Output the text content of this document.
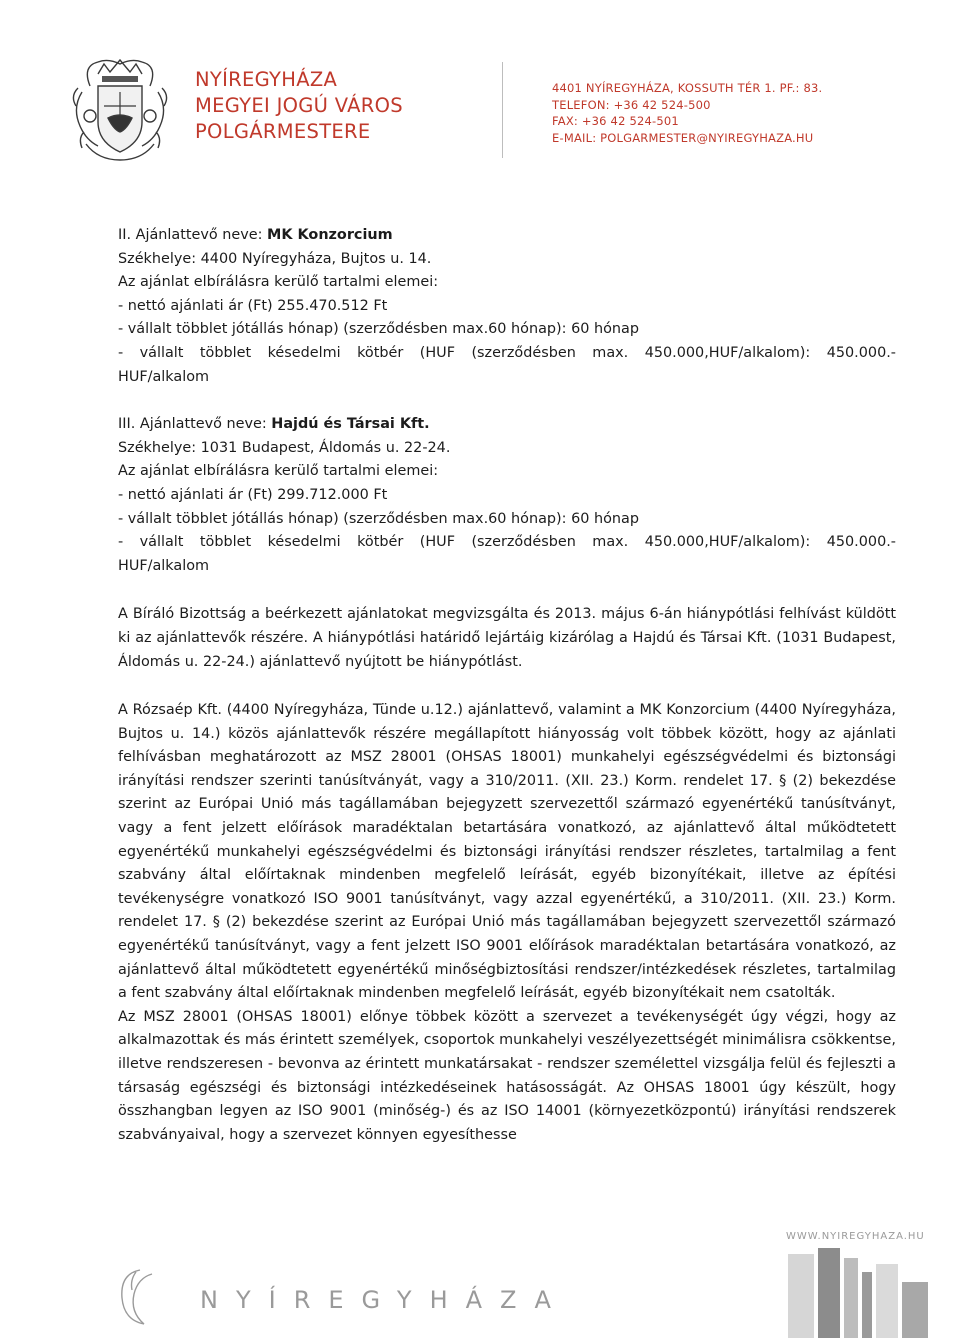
NYÍREGYHÁZA
MEGYEI JOGÚ VÁROS
POLGÁRMESTERE
4401 NYÍREGYHÁZA, KOSSUTH TÉR 1. PF.: 83.
TELEFON: +36 42 524-500
FAX: +36 42 524-501
E-MAIL: POLGARMESTER@NYIREGYHAZA.HU

II. Ajánlattevő neve: MK Konzorcium

Székhelye: 4400 Nyíregyháza, Bujtos u. 14.

Az ajánlat elbírálásra kerülő tartalmi elemei:

- nettó ajánlati ár (Ft) 255.470.512 Ft

- vállalt többlet jótállás hónap) (szerződésben max.60 hónap): 60 hónap

- vállalt többlet késedelmi kötbér (HUF (szerződésben max. 450.000,HUF/alkalom): 450.000.-

HUF/alkalom

III. Ajánlattevő neve: Hajdú és Társai Kft.

Székhelye: 1031 Budapest, Áldomás u. 22-24.

Az ajánlat elbírálásra kerülő tartalmi elemei:

- nettó ajánlati ár (Ft) 299.712.000 Ft

- vállalt többlet jótállás hónap) (szerződésben max.60 hónap): 60 hónap

- vállalt többlet késedelmi kötbér (HUF (szerződésben max. 450.000,HUF/alkalom): 450.000.-

HUF/alkalom

A Bíráló Bizottság a beérkezett ajánlatokat megvizsgálta és 2013. május 6-án hiánypótlási felhívást küldött ki az ajánlattevők részére. A hiánypótlási határidő lejártáig kizárólag a Hajdú és Társai Kft. (1031 Budapest, Áldomás u. 22-24.) ajánlattevő nyújtott be hiánypótlást.

A Rózsaép Kft. (4400 Nyíregyháza, Tünde u.12.) ajánlattevő, valamint a MK Konzorcium (4400 Nyíregyháza, Bujtos u. 14.) közös ajánlattevők részére megállapított hiányosság volt többek között, hogy az ajánlati felhívásban meghatározott az MSZ 28001 (OHSAS 18001) munkahelyi egészségvédelmi és biztonsági irányítási rendszer szerinti tanúsítványát, vagy a 310/2011. (XII. 23.) Korm. rendelet 17. § (2) bekezdése szerint az Európai Unió más tagállamában bejegyzett szervezettől származó egyenértékű tanúsítványt, vagy a fent jelzett előírások maradéktalan betartására vonatkozó, az ajánlattevő által működtetett egyenértékű munkahelyi egészségvédelmi és biztonsági irányítási rendszer részletes, tartalmilag a fent szabvány által előírtaknak mindenben megfelelő leírását, egyéb bizonyítékait, illetve az építési tevékenységre vonatkozó ISO 9001 tanúsítványt, vagy azzal egyenértékű, a 310/2011. (XII. 23.) Korm. rendelet 17. § (2) bekezdése szerint az Európai Unió más tagállamában bejegyzett szervezettől származó egyenértékű tanúsítványt, vagy a fent jelzett ISO 9001 előírások maradéktalan betartására vonatkozó, az ajánlattevő által működtetett egyenértékű minőségbiztosítási rendszer/intézkedések részletes, tartalmilag a fent szabvány által előírtaknak mindenben megfelelő leírását, egyéb bizonyítékait nem csatolták.

Az MSZ 28001 (OHSAS 18001) előnye többek között a szervezet a tevékenységét úgy végzi, hogy az alkalmazottak és más érintett személyek, csoportok munkahelyi veszélyezettségét minimálisra csökkentse, illetve rendszeresen - bevonva az érintett munkatársakat - rendszer személettel vizsgálja felül és fejleszti a társaság egészségi és biztonsági intézkedéseinek hatásosságát. Az OHSAS 18001 úgy készült, hogy összhangban legyen az ISO 9001 (minőség-) és az ISO 14001 (környezetközpontú) irányítási rendszerek szabványaival, hogy a szervezet könnyen egyesíthesse

WWW.NYIREGYHAZA.HU
NYÍREGYHÁZA
